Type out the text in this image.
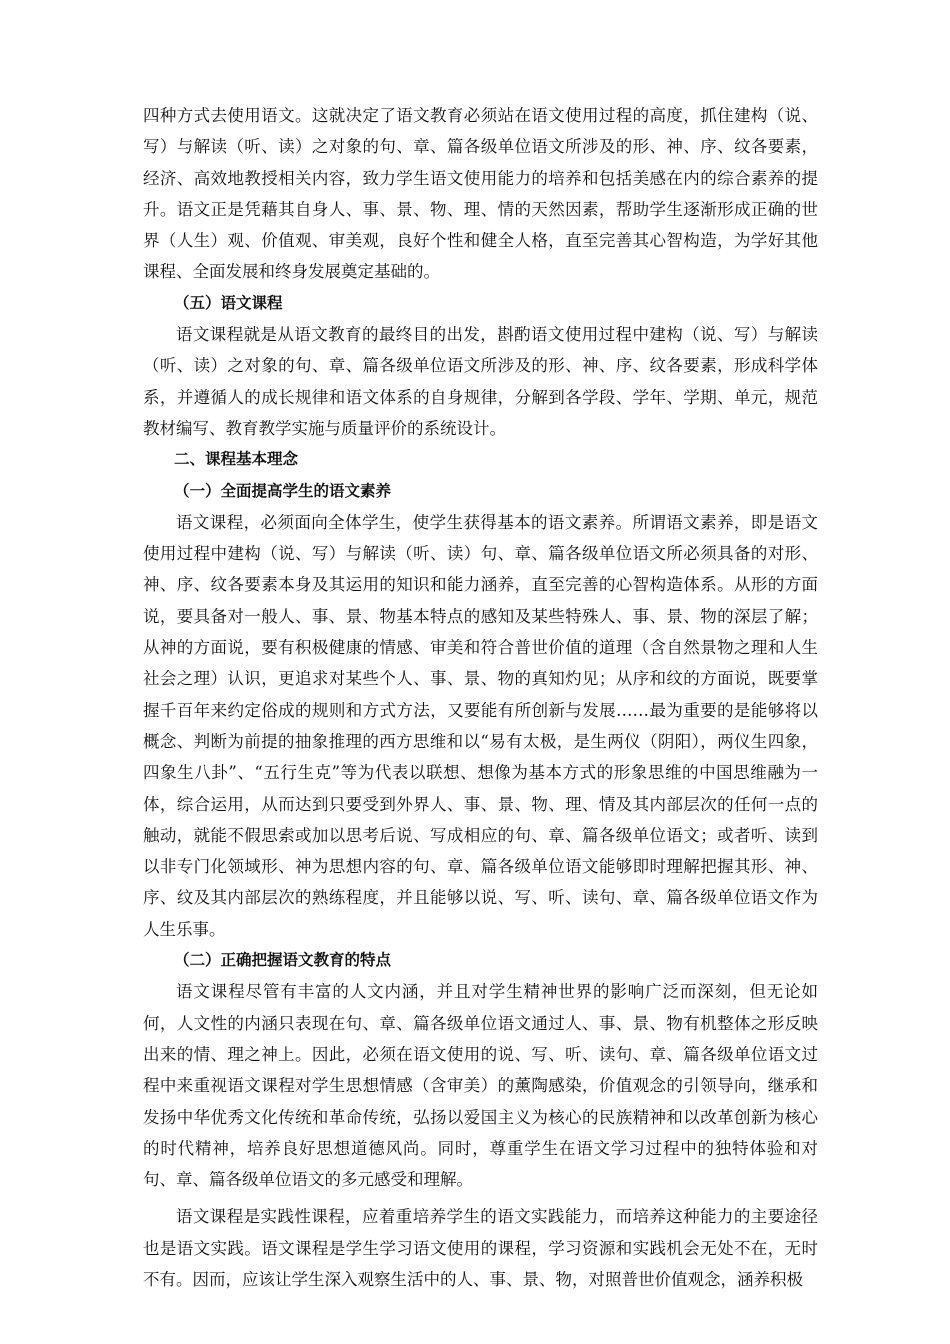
四种方式去使用语文。这就决定了语文教育必须站在语文使用过程的高度，抓住建构（说、写）与解读（听、读）之对象的句、章、篇各级单位语文所涉及的形、神、序、纹各要素，经济、高效地教授相关内容，致力学生语文使用能力的培养和包括美感在内的综合素养的提升。语文正是凭藉其自身人、事、景、物、理、情的天然因素，帮助学生逐渐形成正确的世界（人生）观、价值观、审美观，良好个性和健全人格，直至完善其心智构造，为学好其他课程、全面发展和终身发展奠定基础的。

（五）语文课程

语文课程就是从语文教育的最终目的出发，斟酌语文使用过程中建构（说、写）与解读（听、读）之对象的句、章、篇各级单位语文所涉及的形、神、序、纹各要素，形成科学体系，并遵循人的成长规律和语文体系的自身规律，分解到各学段、学年、学期、单元，规范教材编写、教育教学实施与质量评价的系统设计。

二、课程基本理念

（一）全面提高学生的语文素养

语文课程，必须面向全体学生，使学生获得基本的语文素养。所谓语文素养，即是语文使用过程中建构（说、写）与解读（听、读）句、章、篇各级单位语文所必须具备的对形、神、序、纹各要素本身及其运用的知识和能力涵养，直至完善的心智构造体系。从形的方面说，要具备对一般人、事、景、物基本特点的感知及某些特殊人、事、景、物的深层了解；从神的方面说，要有积极健康的情感、审美和符合普世价值的道理（含自然景物之理和人生社会之理）认识，更追求对某些个人、事、景、物的真知灼见；从序和纹的方面说，既要掌握千百年来约定俗成的规则和方式方法，又要能有所创新与发展……最为重要的是能够将以概念、判断为前提的抽象推理的西方思维和以“易有太极，是生两仪（阴阳），两仪生四象，四象生八卦”、“五行生克”等为代表以联想、想像为基本方式的形象思维的中国思维融为一体，综合运用，从而达到只要受到外界人、事、景、物、理、情及其内部层次的任何一点的触动，就能不假思索或加以思考后说、写成相应的句、章、篇各级单位语文；或者听、读到以非专门化领域形、神为思想内容的句、章、篇各级单位语文能够即时理解把握其形、神、序、纹及其内部层次的熟练程度，并且能够以说、写、听、读句、章、篇各级单位语文作为人生乐事。

（二）正确把握语文教育的特点

语文课程尽管有丰富的人文内涵，并且对学生精神世界的影响广泛而深刻，但无论如何，人文性的内涵只表现在句、章、篇各级单位语文通过人、事、景、物有机整体之形反映出来的情、理之神上。因此，必须在语文使用的说、写、听、读句、章、篇各级单位语文过程中来重视语文课程对学生思想情感（含审美）的薰陶感染，价值观念的引领导向，继承和发扬中华优秀文化传统和革命传统，弘扬以爱国主义为核心的民族精神和以改革创新为核心的时代精神，培养良好思想道德风尚。同时，尊重学生在语文学习过程中的独特体验和对句、章、篇各级单位语文的多元感受和理解。

语文课程是实践性课程，应着重培养学生的语文实践能力，而培养这种能力的主要途径也是语文实践。语文课程是学生学习语文使用的课程，学习资源和实践机会无处不在，无时不有。因而，应该让学生深入观察生活中的人、事、景、物，对照普世价值观念，涵养积极
